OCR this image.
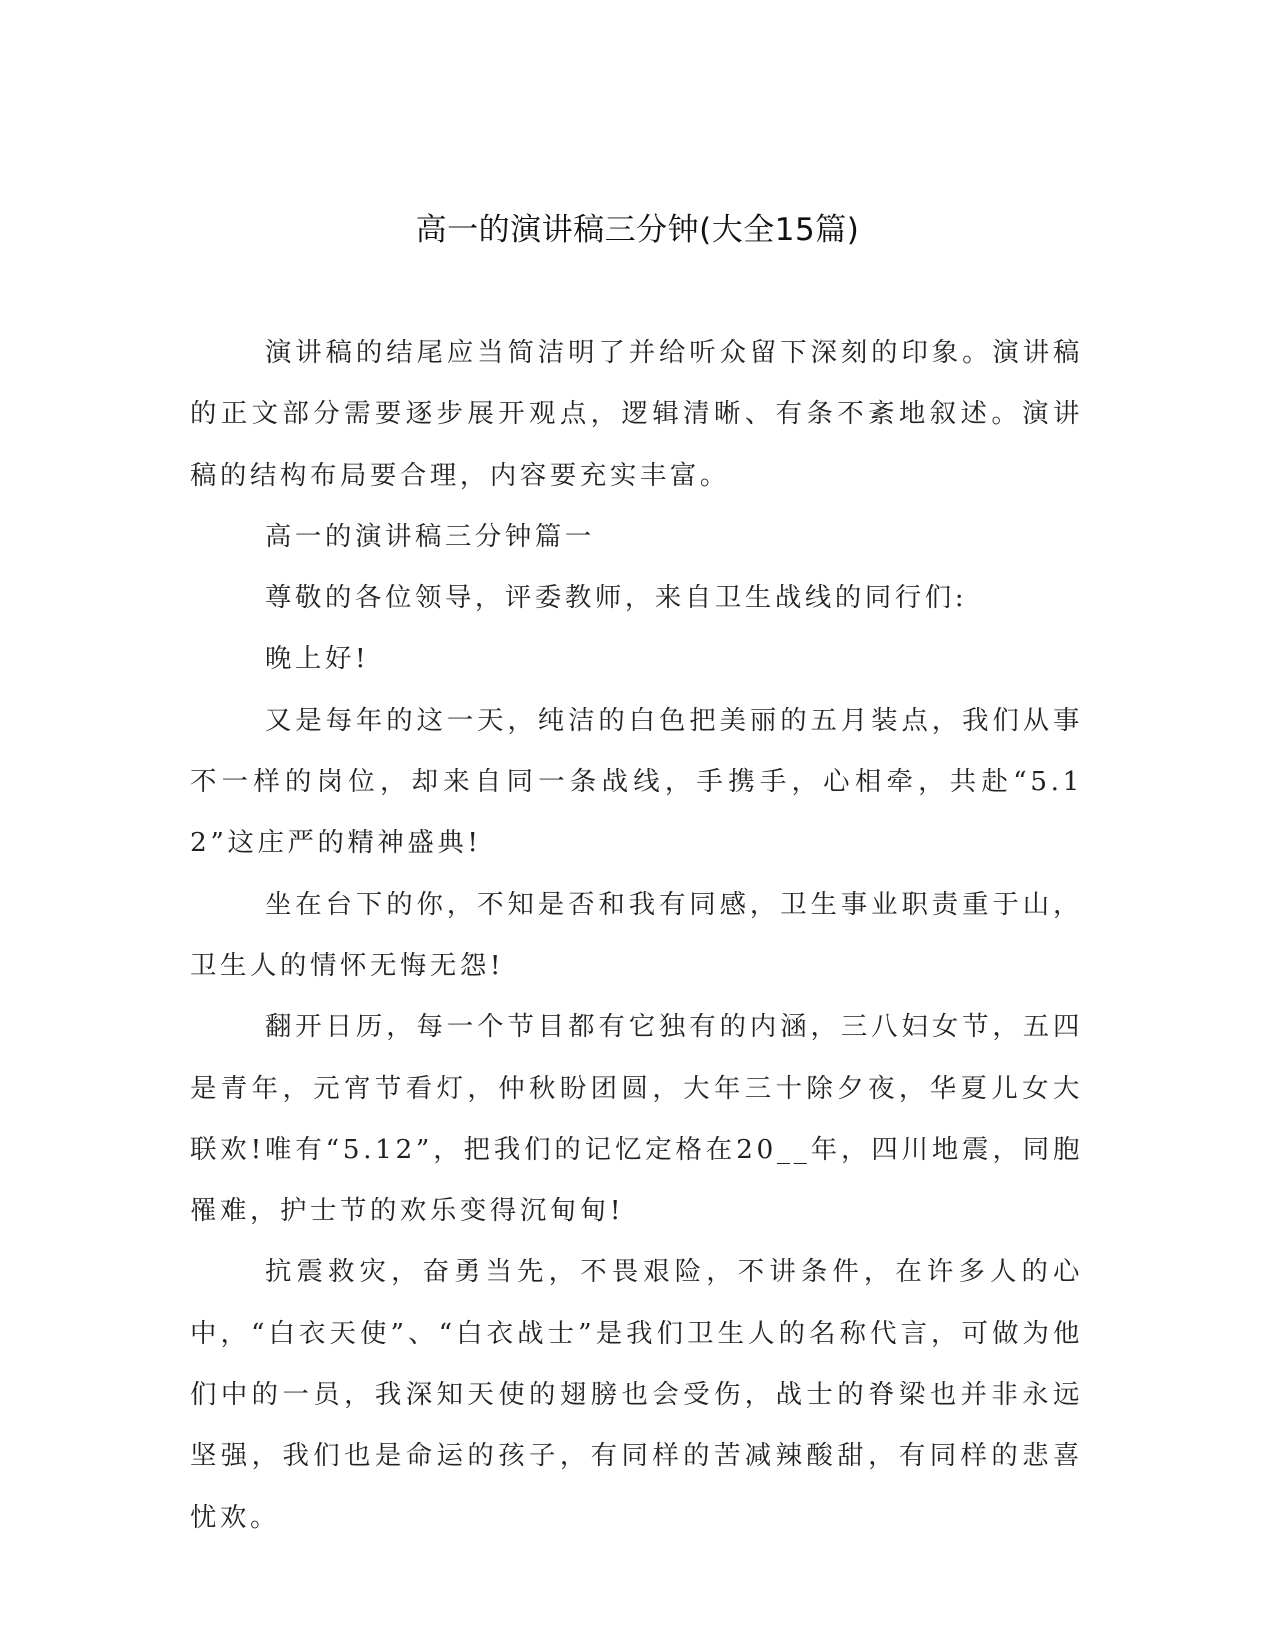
高一的演讲稿三分钟(大全15篇)

演讲稿的结尾应当简洁明了并给听众留下深刻的印象。演讲稿的正文部分需要逐步展开观点，逻辑清晰、有条不紊地叙述。演讲稿的结构布局要合理，内容要充实丰富。

高一的演讲稿三分钟篇一

尊敬的各位领导，评委教师，来自卫生战线的同行们:

晚上好!

又是每年的这一天，纯洁的白色把美丽的五月装点，我们从事不一样的岗位，却来自同一条战线，手携手，心相牵，共赴“5.12”这庄严的精神盛典!

坐在台下的你，不知是否和我有同感，卫生事业职责重于山，卫生人的情怀无悔无怨!

翻开日历，每一个节目都有它独有的内涵，三八妇女节，五四是青年，元宵节看灯，仲秋盼团圆，大年三十除夕夜，华夏儿女大联欢!唯有“5.12”，把我们的记忆定格在20__年，四川地震，同胞罹难，护士节的欢乐变得沉甸甸!

抗震救灾，奋勇当先，不畏艰险，不讲条件，在许多人的心中，“白衣天使”、“白衣战士”是我们卫生人的名称代言，可做为他们中的一员，我深知天使的翅膀也会受伤，战士的脊梁也并非永远坚强，我们也是命运的孩子，有同样的苦减辣酸甜，有同样的悲喜忧欢。
